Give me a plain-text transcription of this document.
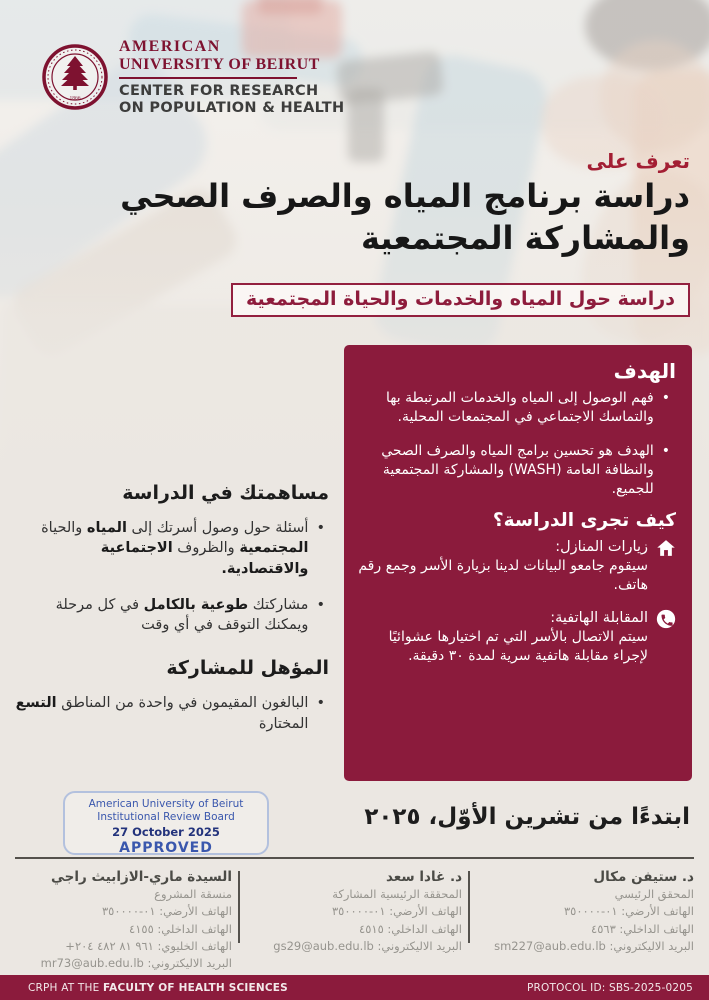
1866
AMERICAN
UNIVERSITY OF BEIRUT
CENTER FOR RESEARCH
ON POPULATION & HEALTH
تعرف على
دراسة برنامج المياه والصرف الصحي
والمشاركة المجتمعية
دراسة حول المياه والخدمات والحياة المجتمعية
الهدف
•
فهم الوصول إلى المياه والخدمات المرتبطة بها والتماسك الاجتماعي في المجتمعات المحلية.
•
الهدف هو تحسين برامج المياه والصرف الصحي والنظافة العامة (WASH) والمشاركة المجتمعية للجميع.
كيف تجرى الدراسة؟
زيارات المنازل:
سيقوم جامعو البيانات لدينا بزيارة الأسر وجمع رقم هاتف.
المقابلة الهاتفية:
سيتم الاتصال بالأسر التي تم اختيارها عشوائيًا لإجراء مقابلة هاتفية سرية لمدة ٣٠ دقيقة.
مساهمتك في الدراسة
•
أسئلة حول وصول أسرتك إلى المياه والحياة المجتمعية والظروف الاجتماعية والاقتصادية.
•
مشاركتك طوعية بالكامل في كل مرحلة ويمكنك التوقف في أي وقت
المؤهل للمشاركة
•
البالغون المقيمون في واحدة من المناطق التسع المختارة
American University of Beirut
Institutional Review Board
27 October 2025
APPROVED
ابتدءًا من تشرين الأوّل، ٢٠٢٥
د. ستيفن مكال
المحقق الرئيسي
الهاتف الأرضي: ٠١-٣٥٠٠٠٠
الهاتف الداخلي: ٤٥٦٣
البريد الاليكتروني: sm227@aub.edu.lb
د. غادا سعد
المحققة الرئيسية المشاركة
الهاتف الأرضي: ٠١-٣٥٠٠٠٠
الهاتف الداخلي: ٤٥١٥
البريد الاليكتروني: gs29@aub.edu.lb
السيدة ماري-الازابيث راجي
منسقة المشروع
الهاتف الأرضي: ٠١-٣٥٠٠٠٠
الهاتف الداخلي: ٤١٥٥
الهاتف الخليوي: +٩٦١ ٨١ ٤٨٢ ٢٠٤
البريد الاليكتروني: mr73@aub.edu.lb
CRPH AT THE FACULTY OF HEALTH SCIENCES	PROTOCOL ID: SBS-2025-0205
